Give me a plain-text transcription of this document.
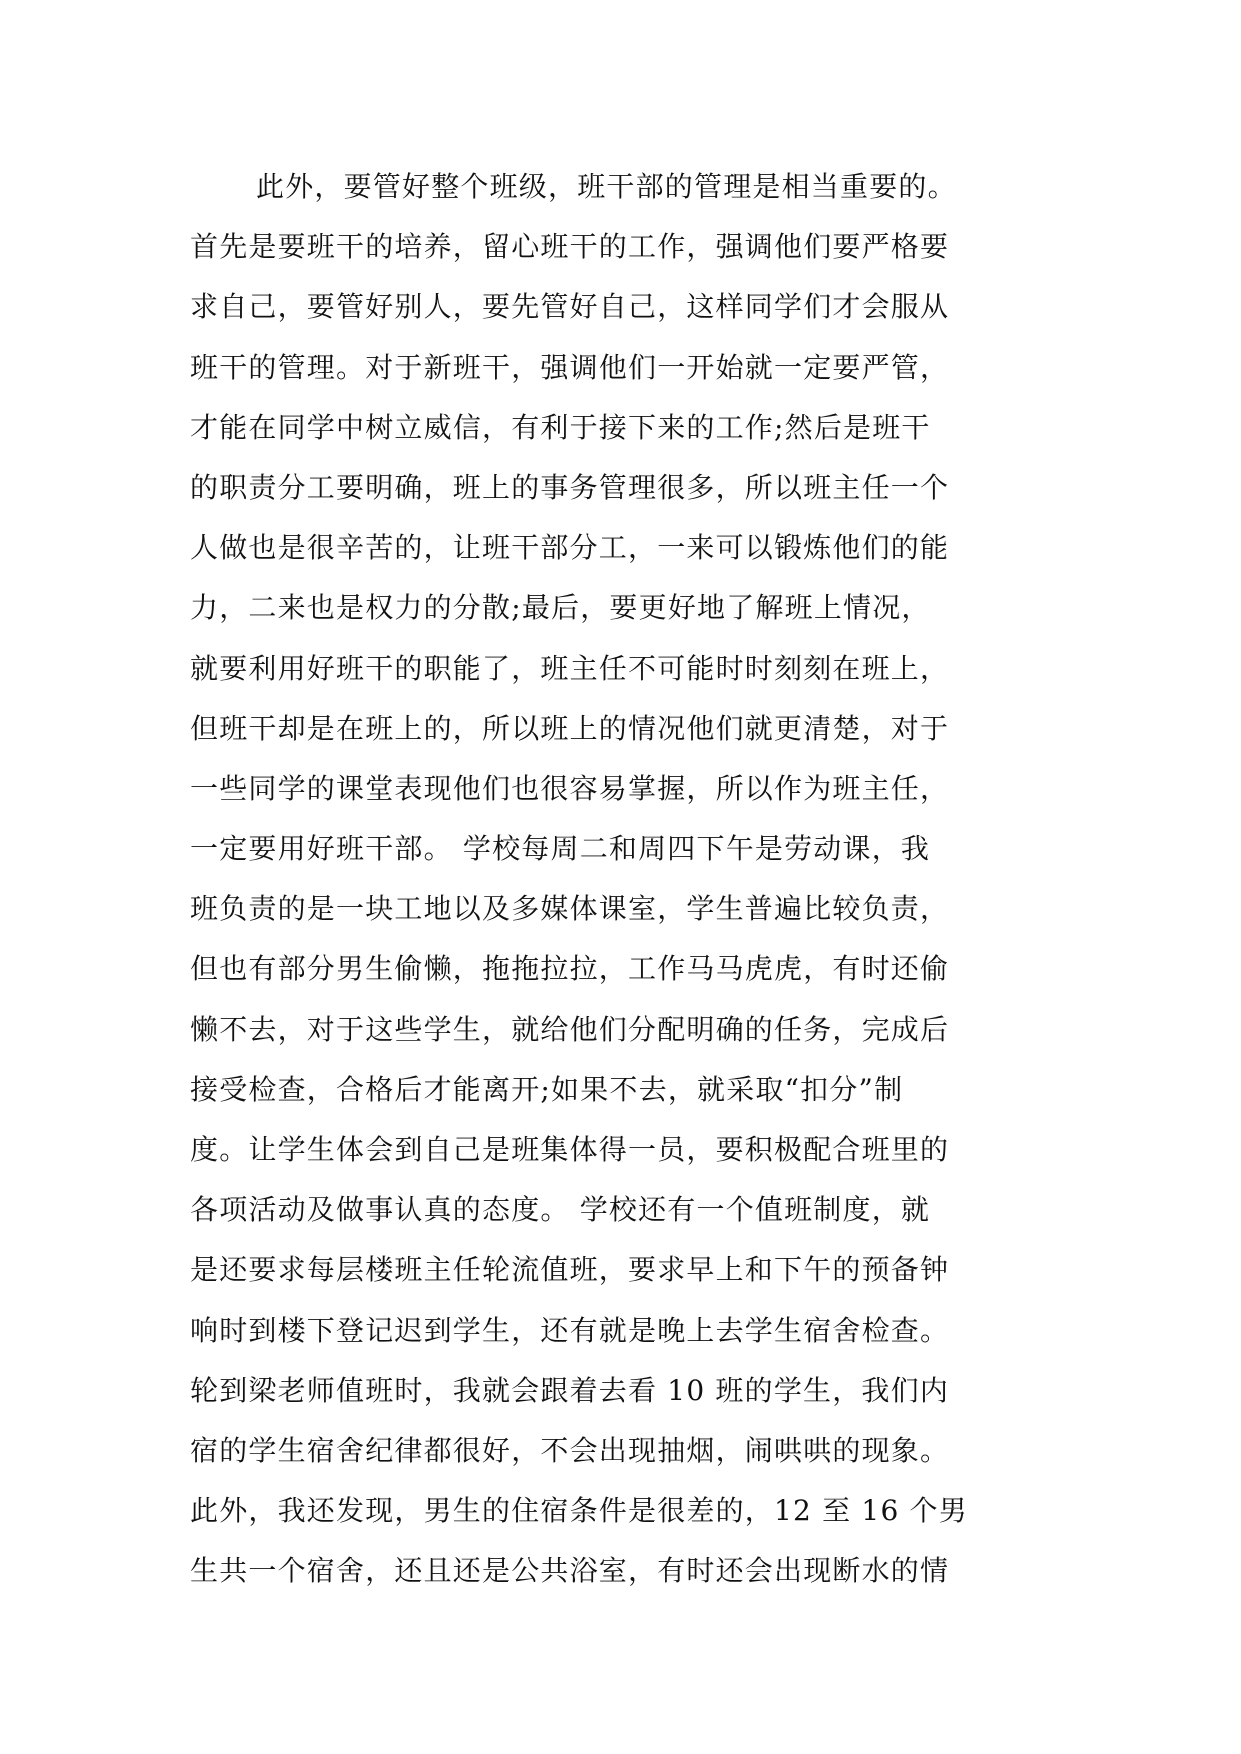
此外，要管好整个班级，班干部的管理是相当重要的。
首先是要班干的培养，留心班干的工作，强调他们要严格要
求自己，要管好别人，要先管好自己，这样同学们才会服从
班干的管理。对于新班干，强调他们一开始就一定要严管，
才能在同学中树立威信，有利于接下来的工作;然后是班干
的职责分工要明确，班上的事务管理很多，所以班主任一个
人做也是很辛苦的，让班干部分工，一来可以锻炼他们的能
力，二来也是权力的分散;最后，要更好地了解班上情况，
就要利用好班干的职能了，班主任不可能时时刻刻在班上，
但班干却是在班上的，所以班上的情况他们就更清楚，对于
一些同学的课堂表现他们也很容易掌握，所以作为班主任，
一定要用好班干部。 学校每周二和周四下午是劳动课，我
班负责的是一块工地以及多媒体课室，学生普遍比较负责，
但也有部分男生偷懒，拖拖拉拉，工作马马虎虎，有时还偷
懒不去，对于这些学生，就给他们分配明确的任务，完成后
接受检查，合格后才能离开;如果不去，就采取“扣分”制
度。让学生体会到自己是班集体得一员，要积极配合班里的
各项活动及做事认真的态度。 学校还有一个值班制度，就
是还要求每层楼班主任轮流值班，要求早上和下午的预备钟
响时到楼下登记迟到学生，还有就是晚上去学生宿舍检查。
轮到梁老师值班时，我就会跟着去看 10 班的学生，我们内
宿的学生宿舍纪律都很好，不会出现抽烟，闹哄哄的现象。
此外，我还发现，男生的住宿条件是很差的，12 至 16 个男
生共一个宿舍，还且还是公共浴室，有时还会出现断水的情
